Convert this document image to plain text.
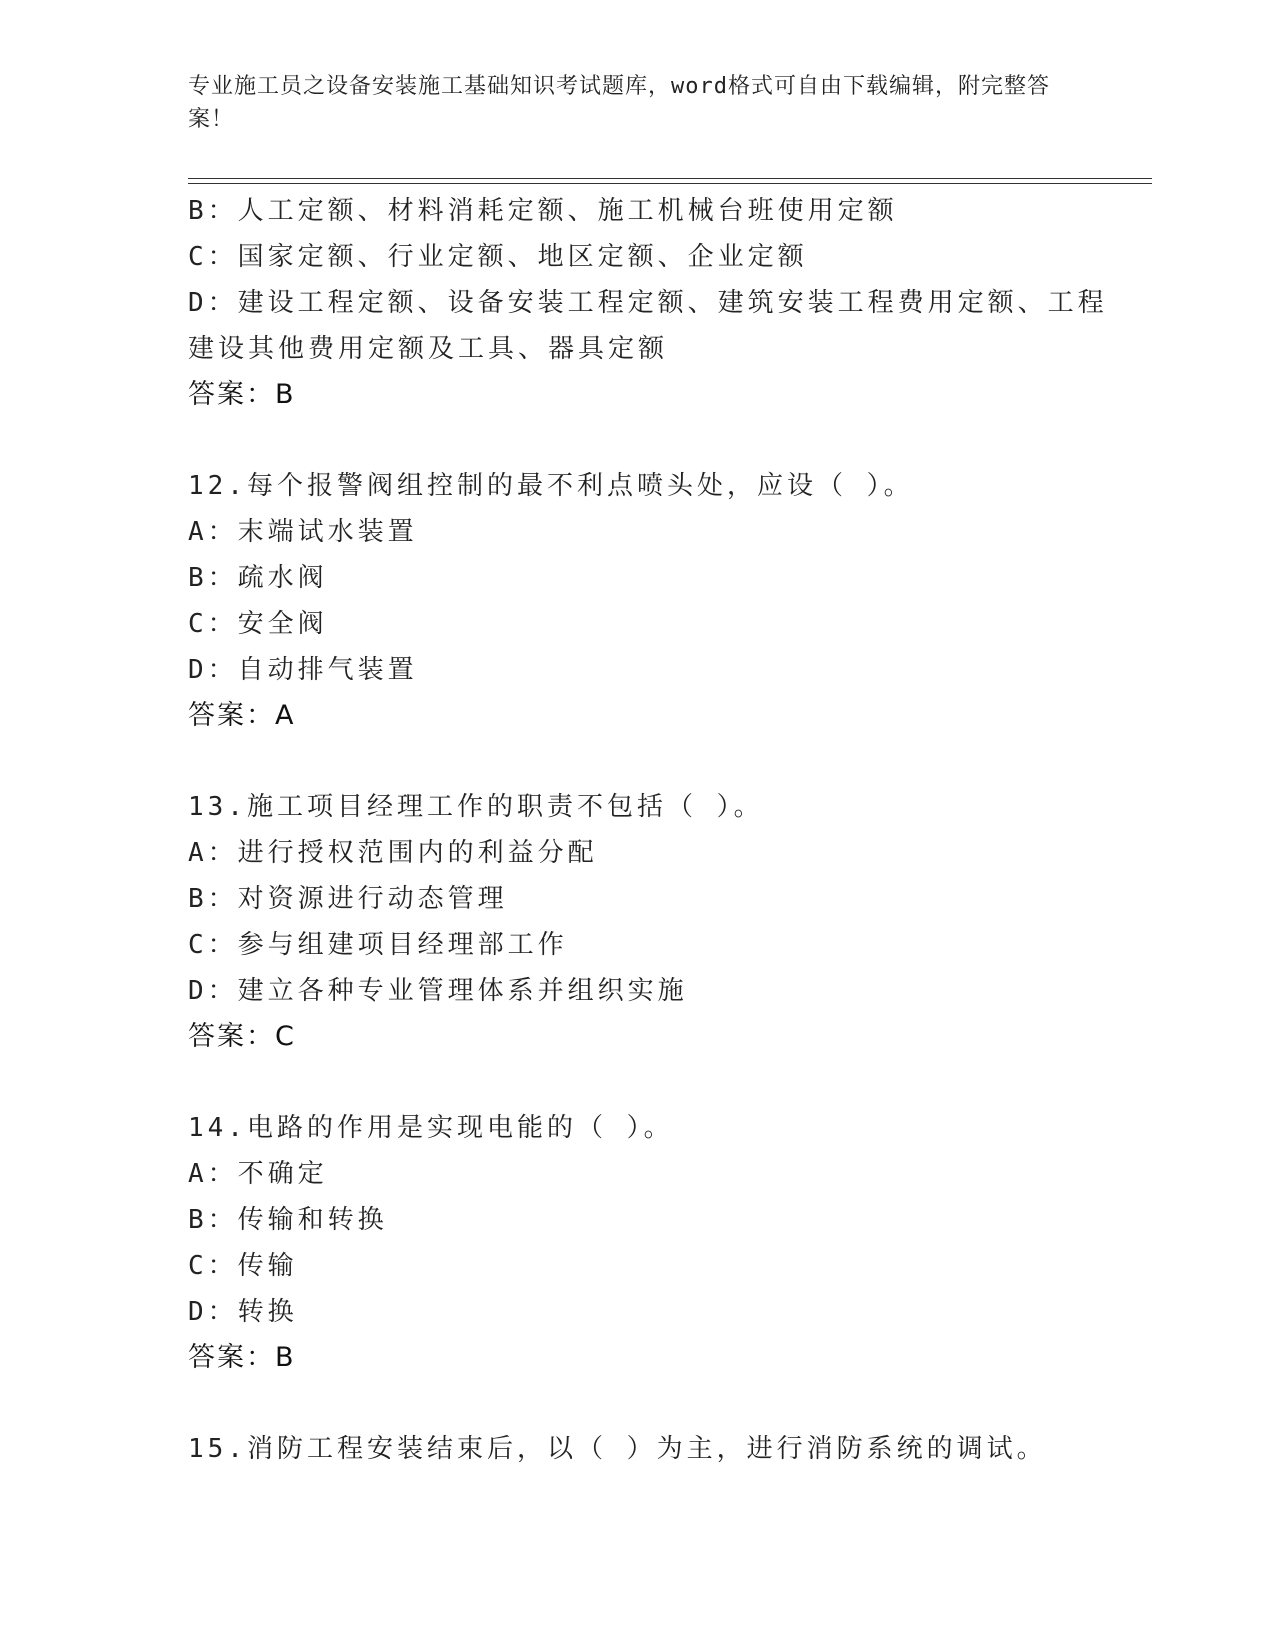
专业施工员之设备安装施工基础知识考试题库，word格式可自由下载编辑，附完整答案！
B：人工定额、材料消耗定额、施工机械台班使用定额
C：国家定额、行业定额、地区定额、企业定额
D：建设工程定额、设备安装工程定额、建筑安装工程费用定额、工程建设其他费用定额及工具、器具定额
答案：B
12.每个报警阀组控制的最不利点喷头处，应设（ ）。
A：末端试水装置
B：疏水阀
C：安全阀
D：自动排气装置
答案：A
13.施工项目经理工作的职责不包括（ ）。
A：进行授权范围内的利益分配
B：对资源进行动态管理
C：参与组建项目经理部工作
D：建立各种专业管理体系并组织实施
答案：C
14.电路的作用是实现电能的（ ）。
A：不确定
B：传输和转换
C：传输
D：转换
答案：B
15.消防工程安装结束后，以（ ）为主，进行消防系统的调试。
